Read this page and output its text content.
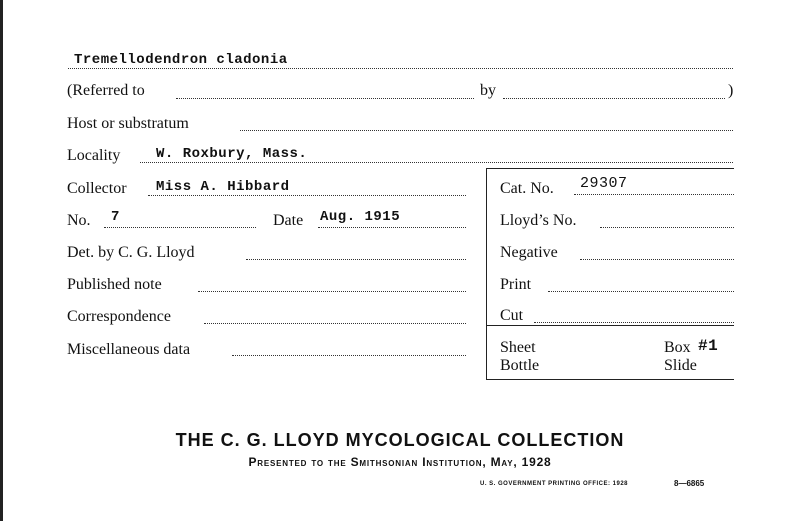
Tremellodendron cladonia
(Referred to	by	)
Host or substratum
Locality	W. Roxbury, Mass.
Collector Miss A. Hibbard	Cat. No. 29307
No. 7	Date Aug. 1915	Lloyd’s No.
Det. by C. G. Lloyd	Negative
Published note	Print
Correspondence	Cut
Miscellaneous data	Sheet	Box #1
Bottle	Slide
THE C. G. LLOYD MYCOLOGICAL COLLECTION
Presented to the Smithsonian Institution, May, 1928
U. S. GOVERNMENT PRINTING OFFICE: 1928	8—6865
